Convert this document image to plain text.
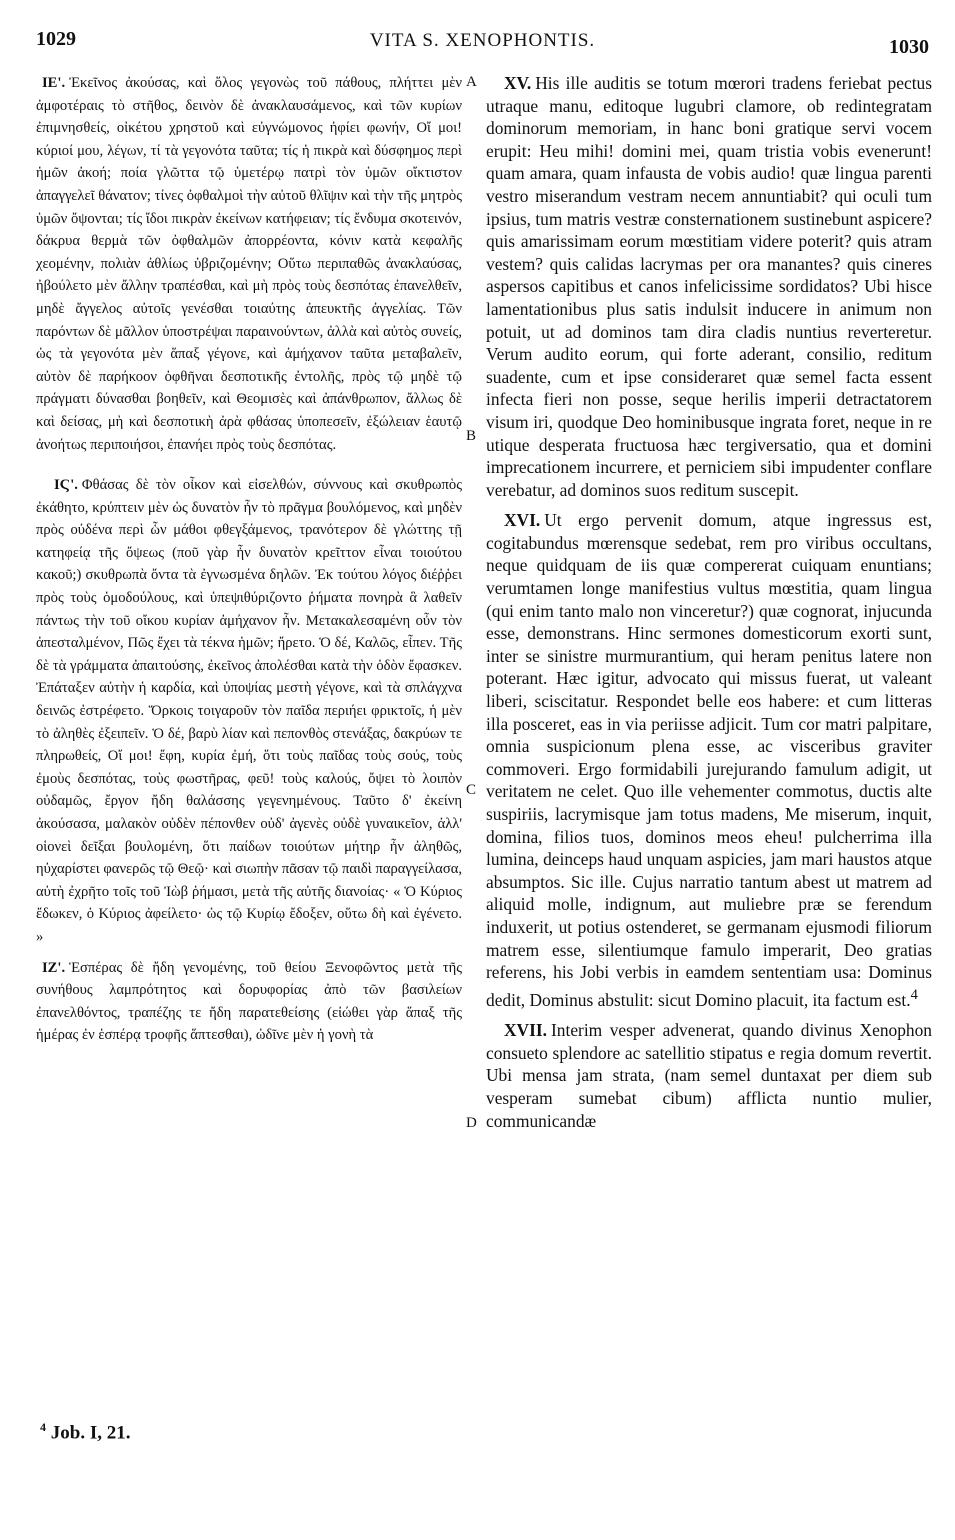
1029	VITA S. XENOPHONTIS.	1030
A
B
C
D

ΙΕ'. Ἐκεῖνος ἀκούσας, καὶ ὅλος γεγονὼς τοῦ πάθους, πλήττει μὲν ἀμφοτέραις τὸ στῆθος, δεινὸν δὲ ἀνακλαυσάμενος, καὶ τῶν κυρίων ἐπιμνησθείς, οἰκέτου χρηστοῦ καὶ εὐγνώμονος ἠφίει φωνήν, Οἴ μοι! κύριοί μου, λέγων, τί τὰ γεγονότα ταῦτα; τίς ἡ πικρὰ καὶ δύσφημος περὶ ἡμῶν ἀκοή; ποία γλῶττα τῷ ὑμετέρῳ πατρὶ τὸν ὑμῶν οἴκτιστον ἀπαγγελεῖ θάνατον; τίνες ὀφθαλμοὶ τὴν αὐτοῦ θλῖψιν καὶ τὴν τῆς μητρὸς ὑμῶν ὄψονται; τίς ἴδοι πικρὰν ἐκείνων κατήφειαν; τίς ἔνδυμα σκοτεινόν, δάκρυα θερμὰ τῶν ὀφθαλμῶν ἀπορρέοντα, κόνιν κατὰ κεφαλῆς χεομένην, πολιὰν ἀθλίως ὑβριζομένην; Οὕτω περιπαθῶς ἀνακλαύσας, ἠβούλετο μὲν ἄλλην τραπέσθαι, καὶ μὴ πρὸς τοὺς δεσπότας ἐπανελθεῖν, μηδὲ ἄγγελος αὐτοῖς γενέσθαι τοιαύτης ἀπευκτῆς ἀγγελίας. Τῶν παρόντων δὲ μᾶλλον ὑποστρέψαι παραινούντων, ἀλλὰ καὶ αὐτὸς συνείς, ὡς τὰ γεγονότα μὲν ἅπαξ γέγονε, καὶ ἀμήχανον ταῦτα μεταβαλεῖν, αὐτὸν δὲ παρήκοον ὀφθῆναι δεσποτικῆς ἐντολῆς, πρὸς τῷ μηδὲ τῷ πράγματι δύνασθαι βοηθεῖν, καὶ Θεομισὲς καὶ ἀπάνθρωπον, ἄλλως δὲ καὶ δείσας, μὴ καὶ δεσποτικὴ ἀρὰ φθάσας ὑποπεσεῖν, ἐξώλειαν ἑαυτῷ ἀνοήτως περιποιήσοι, ἐπανήει πρὸς τοὺς δεσπότας.

ΙϚ'. Φθάσας δὲ τὸν οἶκον καὶ εἰσελθών, σύννους καὶ σκυθρωπὸς ἐκάθητο, κρύπτειν μὲν ὡς δυνατὸν ἦν τὸ πρᾶγμα βουλόμενος, καὶ μηδὲν πρὸς οὐδένα περὶ ὧν μάθοι φθεγξάμενος, τρανότερον δὲ γλώττης τῇ κατηφείᾳ τῆς ὄψεως (ποῦ γὰρ ἦν δυνατὸν κρεῖττον εἶναι τοιούτου κακοῦ;) σκυθρωπὰ ὄντα τὰ ἐγνωσμένα δηλῶν. Ἐκ τούτου λόγος διέῤῥει πρὸς τοὺς ὁμοδούλους, καὶ ὑπεψιθύριζοντο ῥήματα πονηρὰ ἃ λαθεῖν πάντως τὴν τοῦ οἴκου κυρίαν ἀμήχανον ἦν. Μετακαλεσαμένη οὖν τὸν ἀπεσταλμένον, Πῶς ἔχει τὰ τέκνα ἡμῶν; ἤρετο. Ὁ δέ, Καλῶς, εἶπεν. Τῆς δὲ τὰ γράμματα ἀπαιτούσης, ἐκεῖνος ἀπολέσθαι κατὰ τὴν ὁδὸν ἔφασκεν. Ἐπάταξεν αὐτὴν ἡ καρδία, καὶ ὑποψίας μεστὴ γέγονε, καὶ τὰ σπλάγχνα δεινῶς ἐστρέφετο. Ὅρκοις τοιγαροῦν τὸν παῖδα περιήει φρικτοῖς, ἡ μὲν τὸ ἀληθὲς ἐξειπεῖν. Ὁ δέ, βαρὺ λίαν καὶ πεπονθὸς στενάξας, δακρύων τε πληρωθείς, Οἴ μοι! ἔφη, κυρία ἐμή, ὅτι τοὺς παῖδας τοὺς σούς, τοὺς ἐμοὺς δεσπότας, τοὺς φωστῆρας, φεῦ! τοὺς καλούς, ὄψει τὸ λοιπὸν οὐδαμῶς, ἔργον ἤδη θαλάσσης γεγενημένους. Ταῦτο δ' ἐκείνη ἀκούσασα, μαλακὸν οὐδὲν πέπονθεν οὐδ' ἀγενὲς οὐδὲ γυναικεῖον, ἀλλ' οἱονεὶ δεῖξαι βουλομένη, ὅτι παίδων τοιούτων μήτηρ ἦν ἀληθῶς, ηὐχαρίστει φανερῶς τῷ Θεῷ· καὶ σιωπὴν πᾶσαν τῷ παιδὶ παραγγείλασα, αὐτὴ ἐχρῆτο τοῖς τοῦ Ἰὼβ ῥήμασι, μετὰ τῆς αὐτῆς διανοίας· « Ὁ Κύριος ἔδωκεν, ὁ Κύριος ἀφείλετο· ὡς τῷ Κυρίῳ ἔδοξεν, οὕτω δὴ καὶ ἐγένετο. »

ΙΖ'. Ἑσπέρας δὲ ἤδη γενομένης, τοῦ θείου Ξενοφῶντος μετὰ τῆς συνήθους λαμπρότητος καὶ δορυφορίας ἀπὸ τῶν βασιλείων ἐπανελθόντος, τραπέζης τε ἤδη παρατεθείσης (εἰώθει γὰρ ἅπαξ τῆς ἡμέρας ἐν ἑσπέρᾳ τροφῆς ἅπτεσθαι), ὠδῖνε μὲν ἡ γονὴ τὰ

XV. His ille auditis se totum mœrori tradens feriebat pectus utraque manu, editoque lugubri clamore, ob redintegratam dominorum memoriam, in hanc boni gratique servi vocem erupit: Heu mihi! domini mei, quam tristia vobis evenerunt! quam amara, quam infausta de vobis audio! quæ lingua parenti vestro miserandum vestram necem annuntiabit? qui oculi tum ipsius, tum matris vestræ consternationem sustinebunt aspicere? quis amarissimam eorum mœstitiam videre poterit? quis atram vestem? quis calidas lacrymas per ora manantes? quis cineres aspersos capitibus et canos infelicissime sordidatos? Ubi hisce lamentationibus plus satis indulsit inducere in animum non potuit, ut ad dominos tam dira cladis nuntius reverteretur. Verum audito eorum, qui forte aderant, consilio, reditum suadente, cum et ipse consideraret quæ semel facta essent infecta fieri non posse, seque herilis imperii detractatorem visum iri, quodque Deo hominibusque ingrata foret, neque in re utique desperata fructuosa hæc tergiversatio, qua et domini imprecationem incurrere, et perniciem sibi impudenter conflare verebatur, ad dominos suos reditum suscepit.

XVI. Ut ergo pervenit domum, atque ingressus est, cogitabundus mœrensque sedebat, rem pro viribus occultans, neque quidquam de iis quæ compererat cuiquam enuntians; verumtamen longe manifestius vultus mœstitia, quam lingua (qui enim tanto malo non vinceretur?) quæ cognorat, injucunda esse, demonstrans. Hinc sermones domesticorum exorti sunt, inter se sinistre murmurantium, qui heram penitus latere non poterant. Hæc igitur, advocato qui missus fuerat, ut valeant liberi, sciscitatur. Respondet belle eos habere: et cum litteras illa posceret, eas in via periisse adjicit. Tum cor matri palpitare, omnia suspicionum plena esse, ac visceribus graviter commoveri. Ergo formidabili jurejurando famulum adigit, ut veritatem ne celet. Quo ille vehementer commotus, ductis alte suspiriis, lacrymisque jam totus madens, Me miserum, inquit, domina, filios tuos, dominos meos eheu! pulcherrima illa lumina, deinceps haud unquam aspicies, jam mari haustos atque absumptos. Sic ille. Cujus narratio tantum abest ut matrem ad aliquid molle, indignum, aut muliebre præ se ferendum induxerit, ut potius ostenderet, se germanam ejusmodi filiorum matrem esse, silentiumque famulo imperarit, Deo gratias referens, his Jobi verbis in eamdem sententiam usa: Dominus dedit, Dominus abstulit: sicut Domino placuit, ita factum est.$^4$

XVII. Interim vesper advenerat, quando divinus Xenophon consueto splendore ac satellitio stipatus e regia domum revertit. Ubi mensa jam strata, (nam semel duntaxat per diem sub vesperam sumebat cibum) afflicta nuntio mulier, communicandæ

$^4$ Job. I, 21.
